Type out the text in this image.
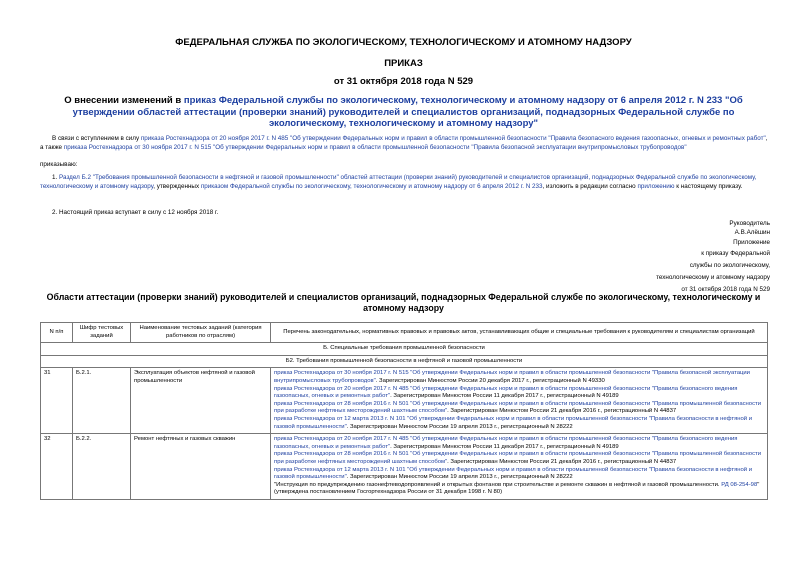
ФЕДЕРАЛЬНАЯ СЛУЖБА ПО ЭКОЛОГИЧЕСКОМУ, ТЕХНОЛОГИЧЕСКОМУ И АТОМНОМУ НАДЗОРУ
ПРИКАЗ
от 31 октября 2018 года N 529
О внесении изменений в приказ Федеральной службы по экологическому, технологическому и атомному надзору от 6 апреля 2012 г. N 233 "Об утверждении областей аттестации (проверки знаний) руководителей и специалистов организаций, поднадзорных Федеральной службе по экологическому, технологическому и атомному надзору"
В связи с вступлением в силу приказа Ростехнадзора от 20 ноября 2017 г. N 485 "Об утверждении Федеральных норм и правил в области промышленной безопасности "Правила безопасного ведения газоопасных, огневых и ремонтных работ", а также приказа Ростехнадзора от 30 ноября 2017 г. N 515 "Об утверждении Федеральных норм и правил в области промышленной безопасности "Правила безопасной эксплуатации внутрипромысловых трубопроводов"
приказываю:
1. Раздел Б.2 "Требования промышленной безопасности в нефтяной и газовой промышленности" областей аттестации (проверки знаний) руководителей и специалистов организаций, поднадзорных Федеральной службе по экологическому, технологическому и атомному надзору, утвержденных приказом Федеральной службы по экологическому, технологическому и атомному надзору от 6 апреля 2012 г. N 233, изложить в редакции согласно приложению к настоящему приказу.
2. Настоящий приказ вступает в силу с 12 ноября 2018 г.
Руководитель
А.В.Алёшин
Приложение
к приказу Федеральной
службы по экологическому,
технологическому и атомному надзору
от 31 октября 2018 года N 529
Области аттестации (проверки знаний) руководителей и специалистов организаций, поднадзорных Федеральной службе по экологическому, технологическому и атомному надзору
N п/п	Шифр тестовых заданий	Наименование тестовых заданий (категория работников по отраслям)	Перечень законодательных, нормативных правовых и правовых актов, устанавливающих общие и специальные требования к руководителям и специалистам организаций
Б. Специальные требования промышленной безопасности			
Б2. Требования промышленной безопасности в нефтяной и газовой промышленности			
31	Б.2.1.	Эксплуатация объектов нефтяной и газовой промышленности	приказ Ростехнадзора от 30 ноября 2017 г. N 515 "Об утверждении Федеральных норм и правил в области промышленной безопасности "Правила безопасной эксплуатации внутрипромысловых трубопроводов". Зарегистрирован Минюстом России 20 декабря 2017 г., регистрационный N 49330
приказ Ростехнадзора от 20 ноября 2017 г. N 485 "Об утверждении Федеральных норм и правил в области промышленной безопасности "Правила безопасного ведения газоопасных, огневых и ремонтных работ". Зарегистрирован Минюстом России 11 декабря 2017 г., регистрационный N 49189
приказ Ростехнадзора от 28 ноября 2016 г. N 501 "Об утверждении Федеральных норм и правил в области промышленной безопасности "Правила промышленной безопасности при разработке нефтяных месторождений шахтным способом". Зарегистрирован Минюстом России 21 декабря 2016 г., регистрационный N 44837
приказ Ростехнадзора от 12 марта 2013 г. N 101 "Об утверждении Федеральных норм и правил в области промышленной безопасности "Правила безопасности в нефтяной и газовой промышленности". Зарегистрирован Минюстом России 19 апреля 2013 г., регистрационный N 28222

32	Б.2.2.	Ремонт нефтяных и газовых скважин	приказ Ростехнадзора от 20 ноября 2017 г. N 485 "Об утверждении Федеральных норм и правил в области промышленной безопасности "Правила безопасного ведения газоопасных, огневых и ремонтных работ". Зарегистрирован Минюстом России 11 декабря 2017 г., регистрационный N 49189
приказ Ростехнадзора от 28 ноября 2016 г. N 501 "Об утверждении Федеральных норм и правил в области промышленной безопасности "Правила промышленной безопасности при разработке нефтяных месторождений шахтным способом". Зарегистрирован Минюстом России 21 декабря 2016 г., регистрационный N 44837
приказ Ростехнадзора от 12 марта 2013 г. N 101 "Об утверждении Федеральных норм и правил в области промышленной безопасности "Правила безопасности в нефтяной и газовой промышленности". Зарегистрирован Минюстом России 19 апреля 2013 г., регистрационный N 28222
"Инструкция по предупреждению газонефтеводопроявлений и открытых фонтанов при строительстве и ремонте скважин в нефтяной и газовой промышленности. РД 08-254-98" (утверждена постановлением Госгортехнадзора России от 31 декабря 1998 г. N 80)
